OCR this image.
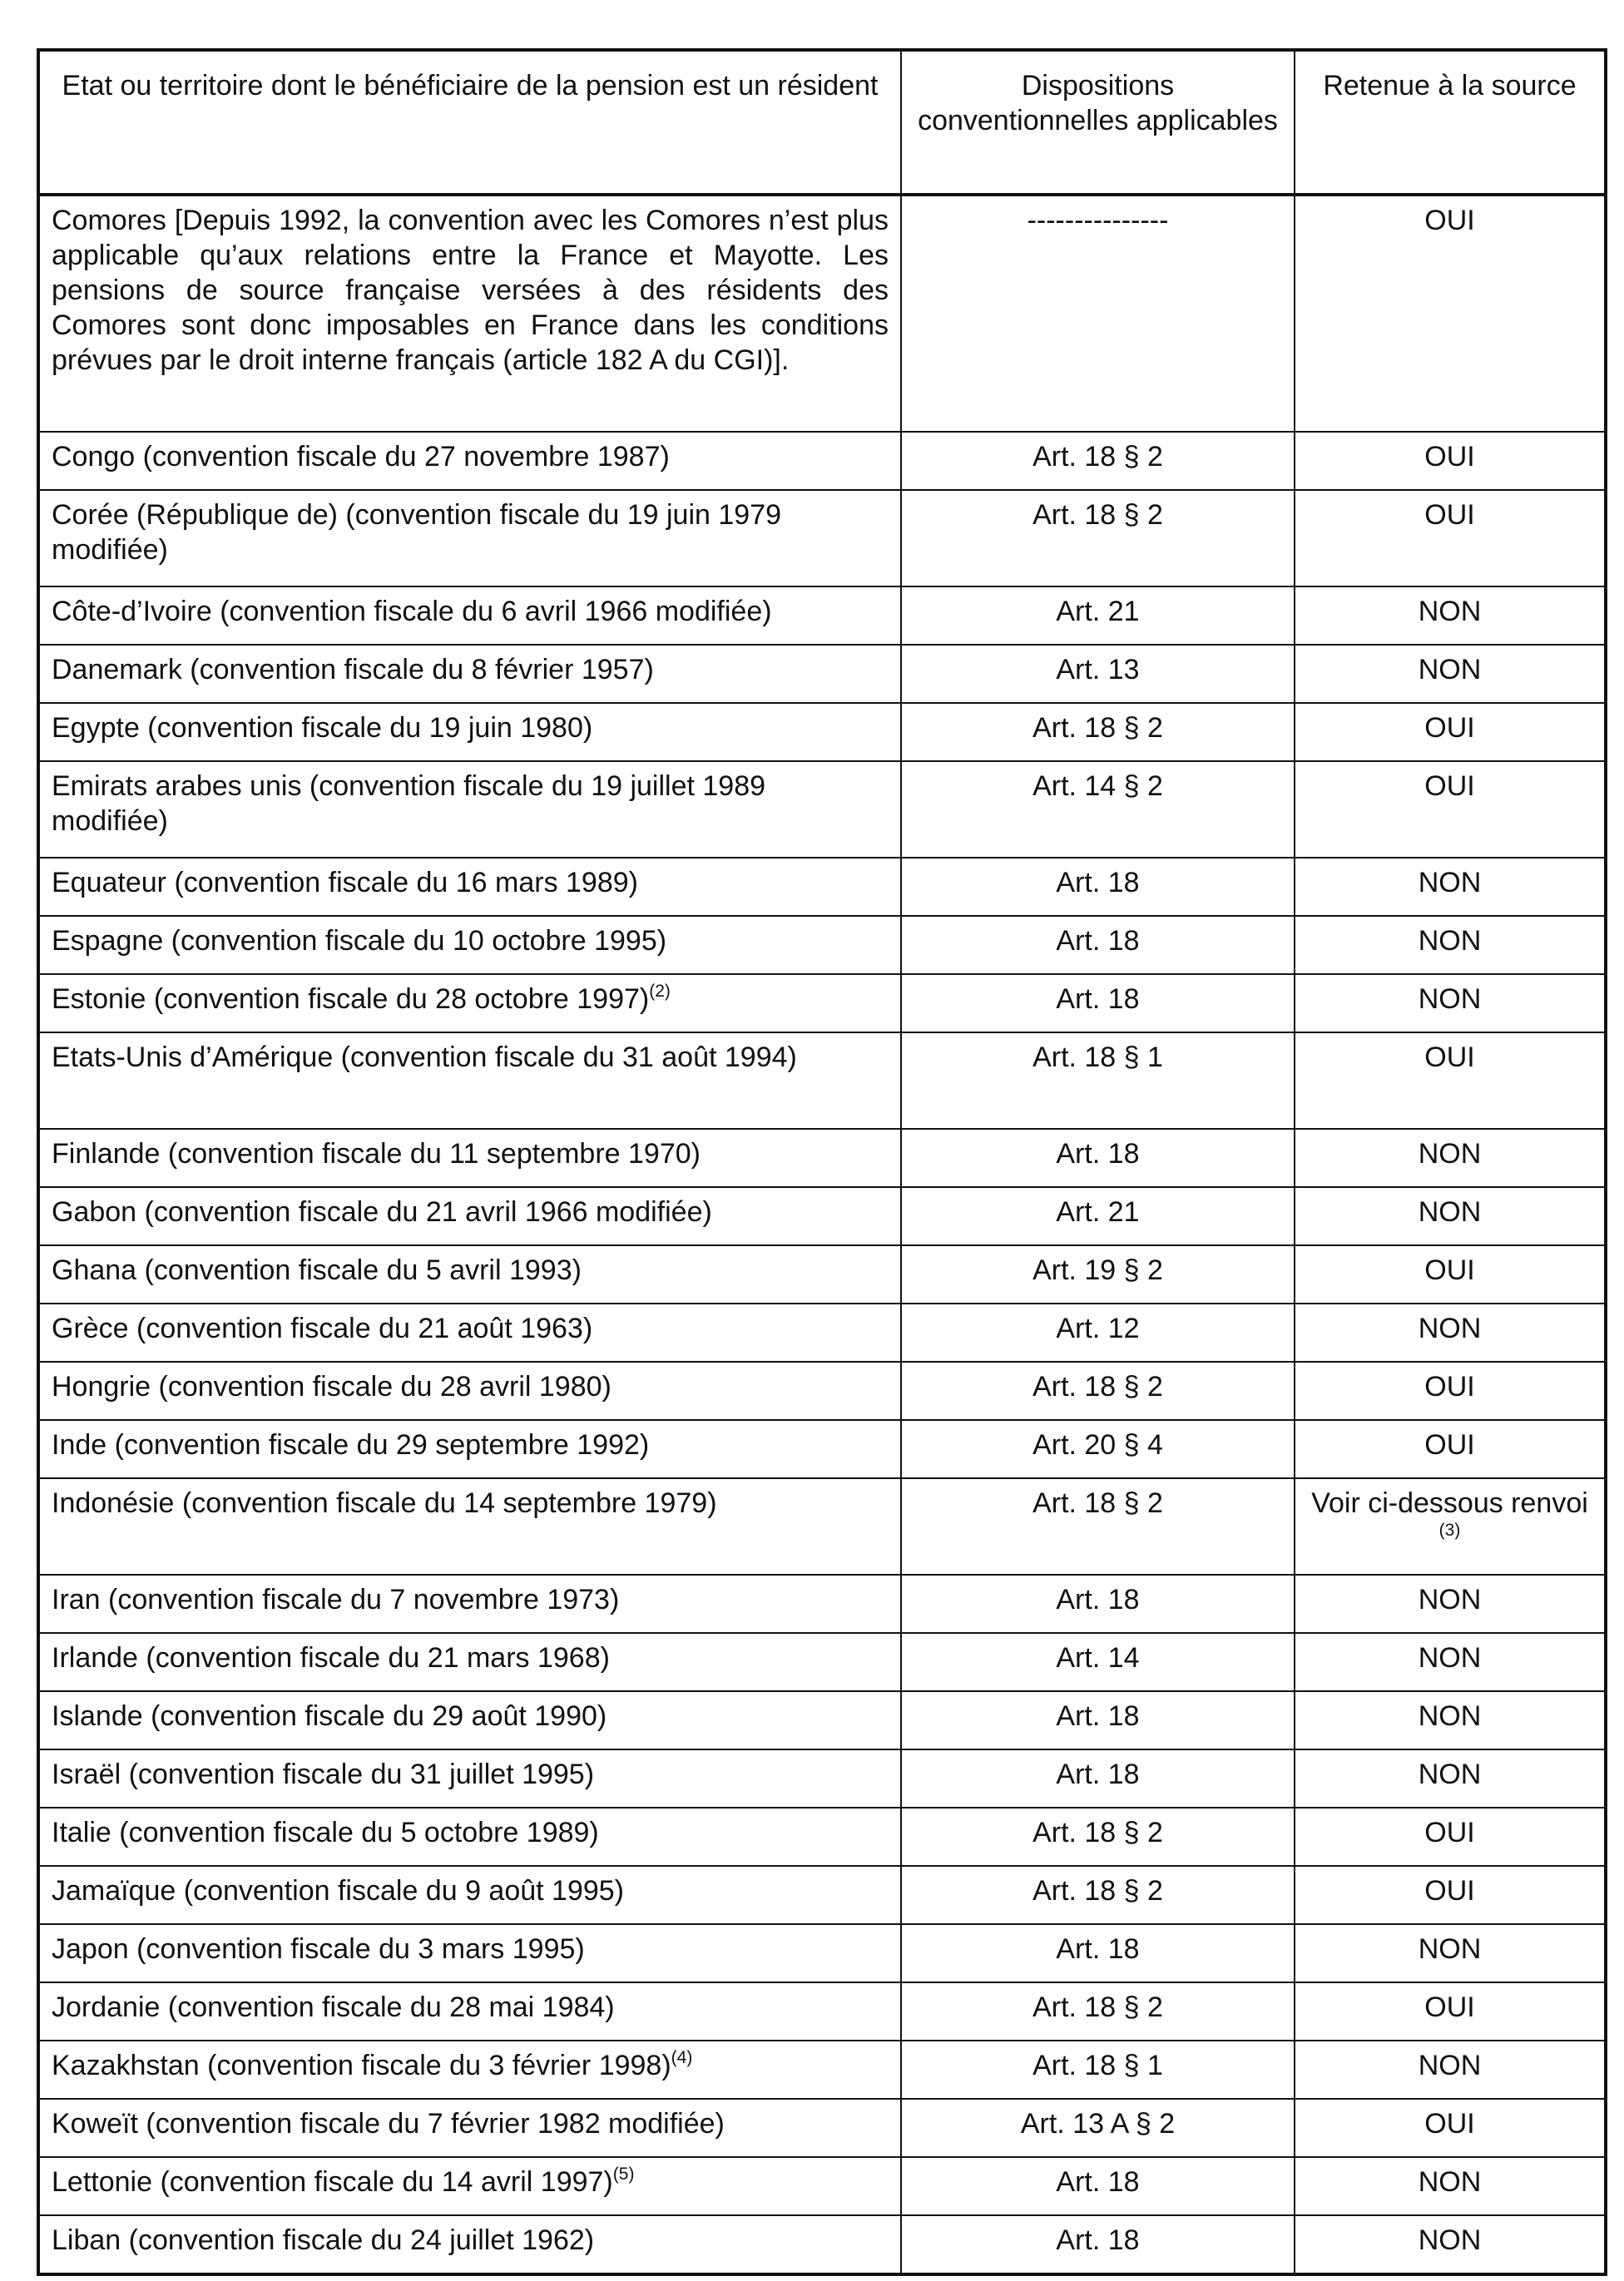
Etat ou territoire dont le bénéficiaire de la pension est un résident	Dispositions conventionnelles applicables	Retenue à la source
Comores [Depuis 1992, la convention avec les Comores n’est plus applicable qu’aux relations entre la France et Mayotte. Les pensions de source française versées à des résidents des Comores sont donc imposables en France dans les conditions prévues par le droit interne français (article 182 A du CGI)].	---------------	OUI
Congo (convention fiscale du 27 novembre 1987)	Art. 18 § 2	OUI
Corée (République de) (convention fiscale du 19 juin 1979 modifiée)	Art. 18 § 2	OUI
Côte-d’Ivoire (convention fiscale du 6 avril 1966 modifiée)	Art. 21	NON
Danemark (convention fiscale du 8 février 1957)	Art. 13	NON
Egypte (convention fiscale du 19 juin 1980)	Art. 18 § 2	OUI
Emirats arabes unis (convention fiscale du 19 juillet 1989 modifiée)	Art. 14 § 2	OUI
Equateur (convention fiscale du 16 mars 1989)	Art. 18	NON
Espagne (convention fiscale du 10 octobre 1995)	Art. 18	NON
Estonie (convention fiscale du 28 octobre 1997)$^{(2)}$	Art. 18	NON
Etats-Unis d’Amérique (convention fiscale du 31 août 1994)	Art. 18 § 1	OUI
Finlande (convention fiscale du 11 septembre 1970)	Art. 18	NON
Gabon (convention fiscale du 21 avril 1966 modifiée)	Art. 21	NON
Ghana (convention fiscale du 5 avril 1993)	Art. 19 § 2	OUI
Grèce (convention fiscale du 21 août 1963)	Art. 12	NON
Hongrie (convention fiscale du 28 avril 1980)	Art. 18 § 2	OUI
Inde (convention fiscale du 29 septembre 1992)	Art. 20 § 4	OUI
Indonésie (convention fiscale du 14 septembre 1979)	Art. 18 § 2	Voir ci-dessous renvoi $^{(3)}$
Iran (convention fiscale du 7 novembre 1973)	Art. 18	NON
Irlande (convention fiscale du 21 mars 1968)	Art. 14	NON
Islande (convention fiscale du 29 août 1990)	Art. 18	NON
Israël (convention fiscale du 31 juillet 1995)	Art. 18	NON
Italie (convention fiscale du 5 octobre 1989)	Art. 18 § 2	OUI
Jamaïque (convention fiscale du 9 août 1995)	Art. 18 § 2	OUI
Japon (convention fiscale du 3 mars 1995)	Art. 18	NON
Jordanie (convention fiscale du 28 mai 1984)	Art. 18 § 2	OUI
Kazakhstan (convention fiscale du 3 février 1998)$^{(4)}$	Art. 18 § 1	NON
Koweït (convention fiscale du 7 février 1982 modifiée)	Art. 13 A § 2	OUI
Lettonie (convention fiscale du 14 avril 1997)$^{(5)}$	Art. 18	NON
Liban (convention fiscale du 24 juillet 1962)	Art. 18	NON
